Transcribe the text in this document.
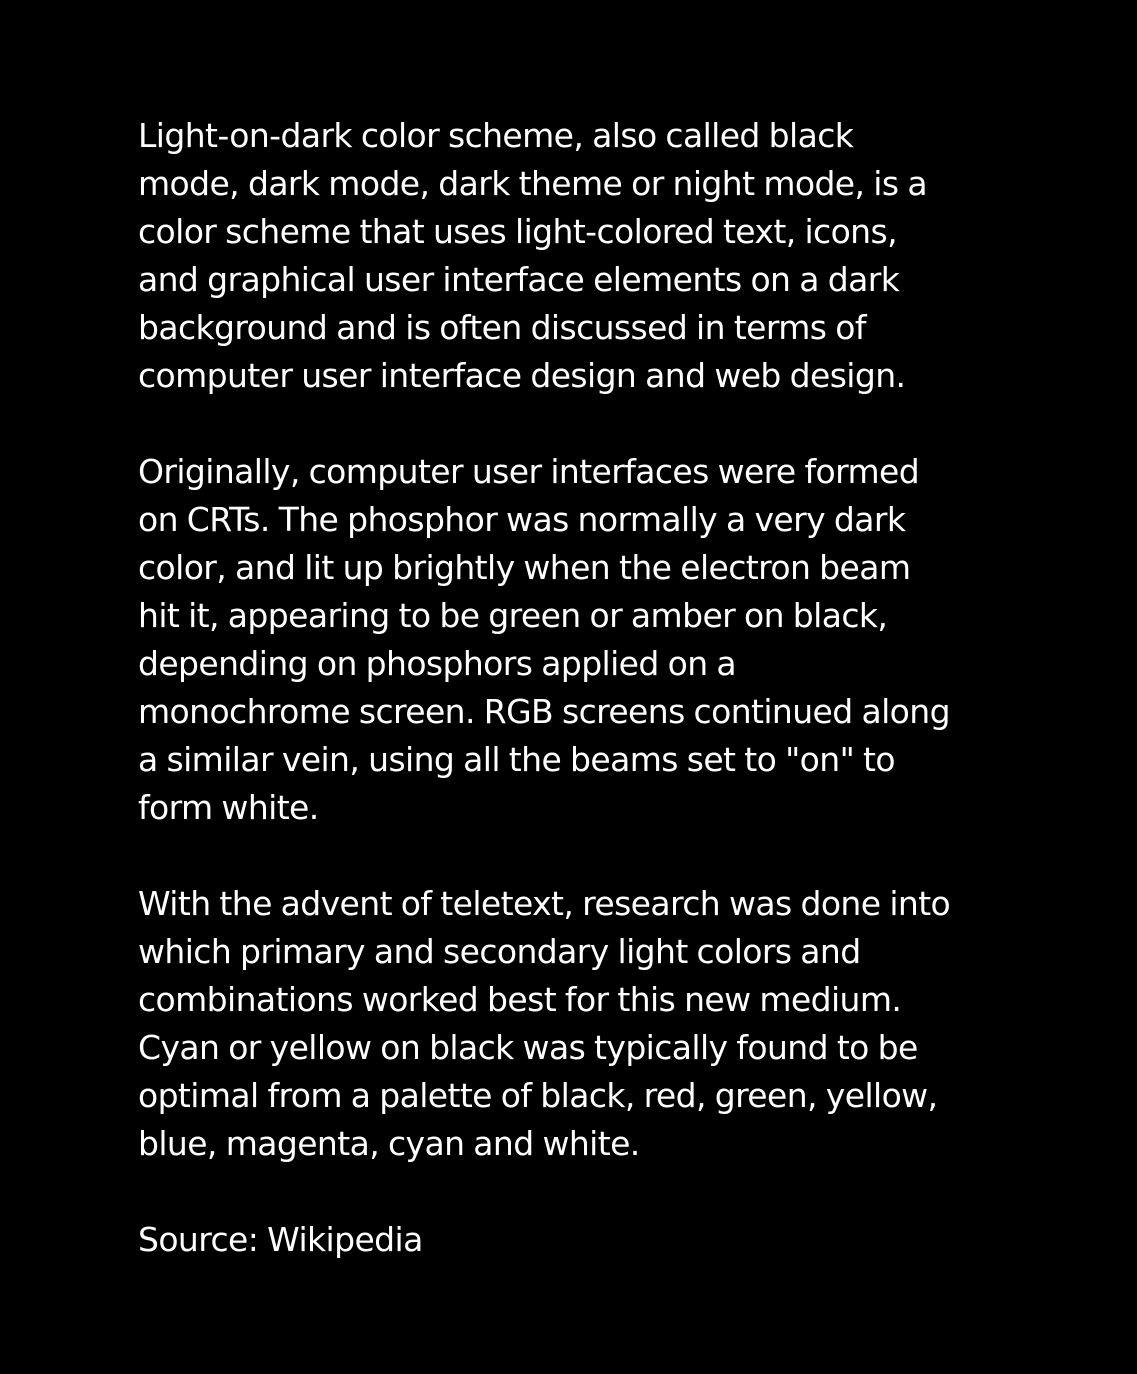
Light-on-dark color scheme, also called black
mode, dark mode, dark theme or night mode, is a
color scheme that uses light-colored text, icons,
and graphical user interface elements on a dark
background and is often discussed in terms of
computer user interface design and web design.

Originally, computer user interfaces were formed
on CRTs. The phosphor was normally a very dark
color, and lit up brightly when the electron beam
hit it, appearing to be green or amber on black,
depending on phosphors applied on a
monochrome screen. RGB screens continued along
a similar vein, using all the beams set to "on" to
form white.

With the advent of teletext, research was done into
which primary and secondary light colors and
combinations worked best for this new medium.
Cyan or yellow on black was typically found to be
optimal from a palette of black, red, green, yellow,
blue, magenta, cyan and white.

Source: Wikipedia
